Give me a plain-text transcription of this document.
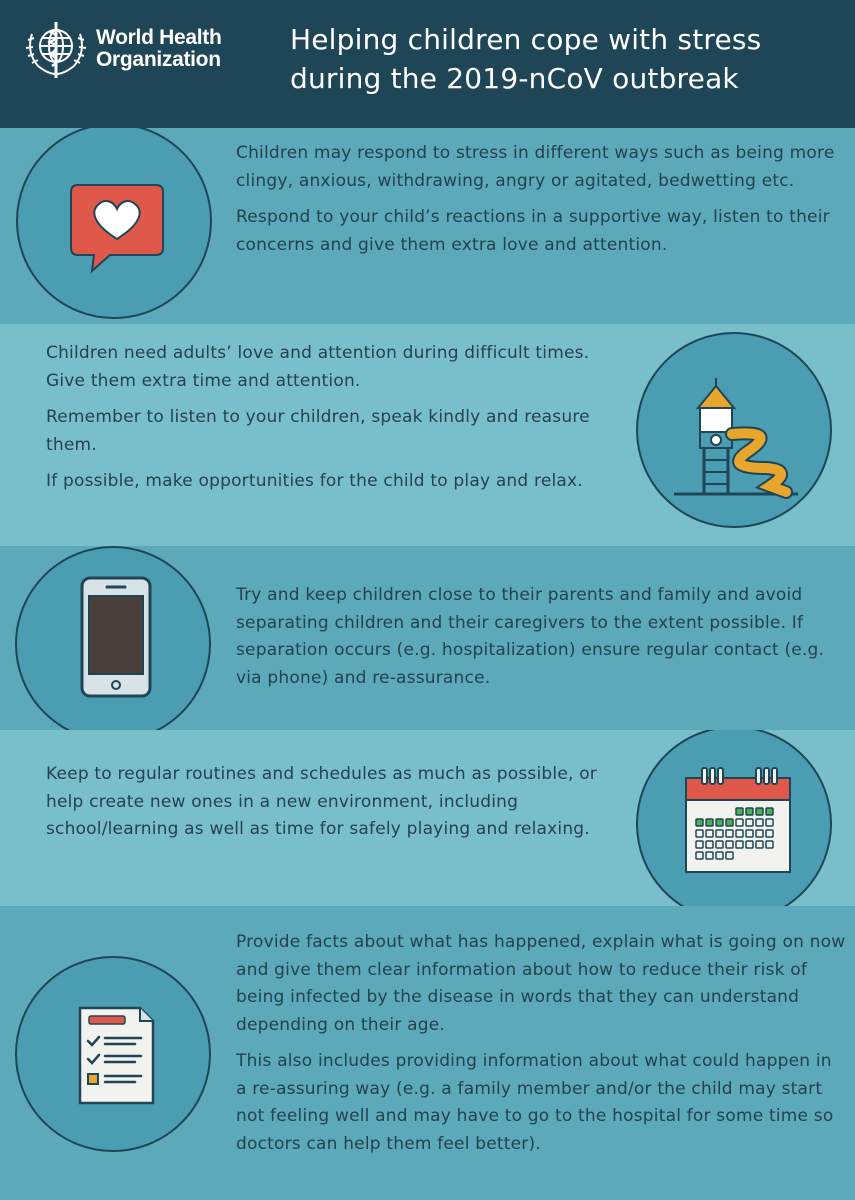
World Health
Organization
Helping children cope with stress
during the 2019-nCoV outbreak

Children may respond to stress in different ways such as being more clingy, anxious, withdrawing, angry or agitated, bedwetting etc.

Respond to your child’s reactions in a supportive way, listen to their concerns and give them extra love and attention.

Children need adults’ love and attention during difficult times. Give them extra time and attention.

Remember to listen to your children, speak kindly and reasure them.

If possible, make opportunities for the child to play and relax.

Try and keep children close to their parents and family and avoid separating children and their caregivers to the extent possible. If separation occurs (e.g. hospitalization) ensure regular contact (e.g. via phone) and re-assurance.

Keep to regular routines and schedules as much as possible, or help create new ones in a new environment, including school/learning as well as time for safely playing and relaxing.

Provide facts about what has happened, explain what is going on now and give them clear information about how to reduce their risk of being infected by the disease in words that they can understand depending on their age.

This also includes providing information about what could happen in a re-assuring way (e.g. a family member and/or the child may start not feeling well and may have to go to the hospital for some time so doctors can help them feel better).
